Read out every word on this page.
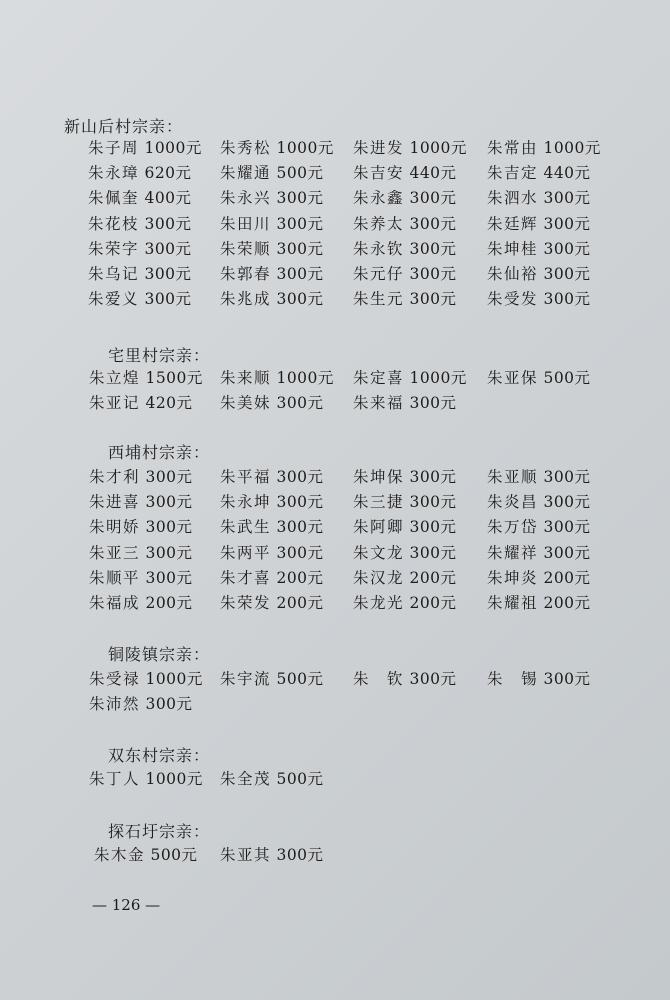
新山后村宗亲：
朱子周 1000元 朱秀松 1000元 朱进发 1000元 朱常由 1000元
朱永璋 620元 朱耀通 500元 朱吉安 440元 朱吉定 440元
朱佩奎 400元 朱永兴 300元 朱永鑫 300元 朱泗水 300元
朱花枝 300元 朱田川 300元 朱养太 300元 朱廷辉 300元
朱荣字 300元 朱荣顺 300元 朱永钦 300元 朱坤桂 300元
朱乌记 300元 朱郭春 300元 朱元仔 300元 朱仙裕 300元
朱爱义 300元 朱兆成 300元 朱生元 300元 朱受发 300元
宅里村宗亲：
朱立煌 1500元 朱来顺 1000元 朱定喜 1000元 朱亚保 500元
朱亚记 420元 朱美妹 300元 朱来福 300元
西埔村宗亲：
朱才利 300元 朱平福 300元 朱坤保 300元 朱亚顺 300元
朱进喜 300元 朱永坤 300元 朱三捷 300元 朱炎昌 300元
朱明娇 300元 朱武生 300元 朱阿卿 300元 朱万岱 300元
朱亚三 300元 朱两平 300元 朱文龙 300元 朱耀祥 300元
朱顺平 300元 朱才喜 200元 朱汉龙 200元 朱坤炎 200元
朱福成 200元 朱荣发 200元 朱龙光 200元 朱耀祖 200元
铜陵镇宗亲：
朱受禄 1000元 朱宇流 500元 朱　钦 300元 朱　锡 300元
朱沛然 300元
双东村宗亲：
朱丁人 1000元 朱全茂 500元
探石圩宗亲：
朱木金 500元 朱亚其 300元
— 126 —
